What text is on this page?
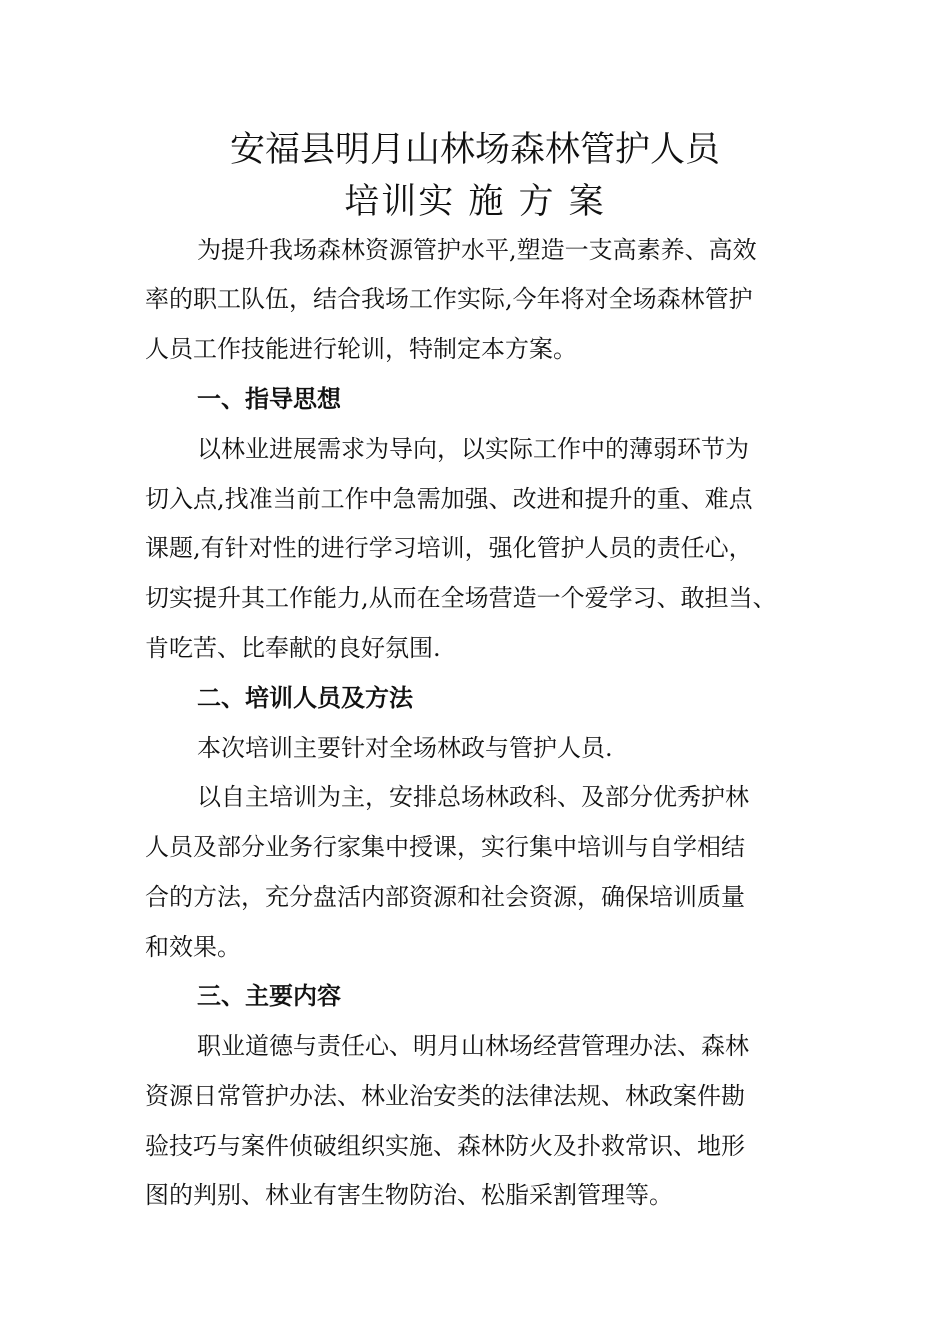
安福县明月山林场森林管护人员
培训实 施 方 案
为提升我场森林资源管护水平,塑造一支高素养、高效
率的职工队伍，结合我场工作实际,今年将对全场森林管护
人员工作技能进行轮训，特制定本方案。
一、指导思想
以林业进展需求为导向，以实际工作中的薄弱环节为
切入点,找准当前工作中急需加强、改进和提升的重、难点
课题,有针对性的进行学习培训，强化管护人员的责任心，
切实提升其工作能力,从而在全场营造一个爱学习、敢担当、
肯吃苦、比奉献的良好氛围.
二、培训人员及方法
本次培训主要针对全场林政与管护人员.
以自主培训为主，安排总场林政科、及部分优秀护林
人员及部分业务行家集中授课，实行集中培训与自学相结
合的方法，充分盘活内部资源和社会资源，确保培训质量
和效果。
三、主要内容
职业道德与责任心、明月山林场经营管理办法、森林
资源日常管护办法、林业治安类的法律法规、林政案件勘
验技巧与案件侦破组织实施、森林防火及扑救常识、地形
图的判别、林业有害生物防治、松脂采割管理等。
